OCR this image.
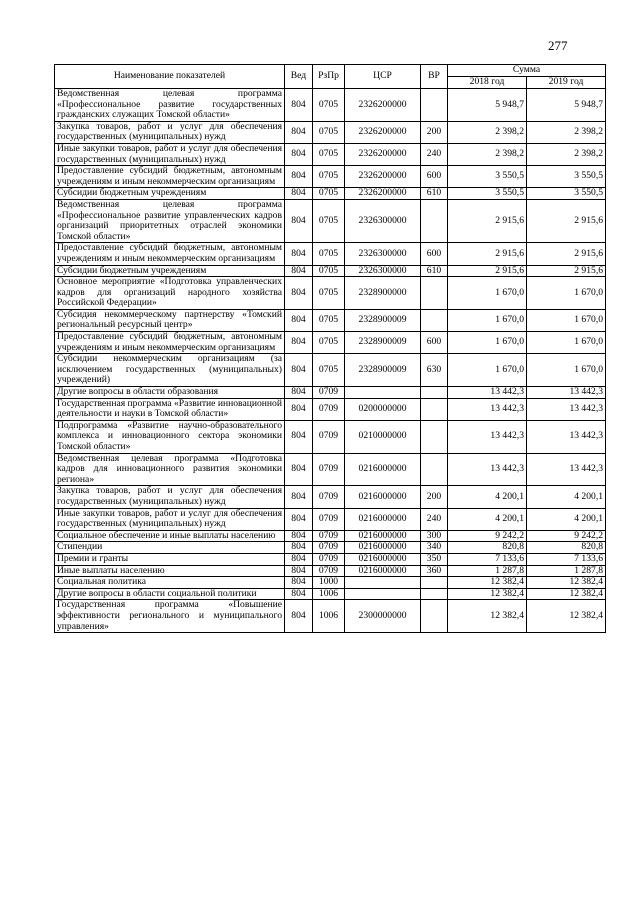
277
Наименование показателей	Вед	РзПр	ЦСР	ВР	Сумма	
					2018 год	2019 год
Ведомственная целевая программа «Профессиональное развитие государственных гражданских служащих Томской области»	804	0705	2326200000		5 948,7	5 948,7
Закупка товаров, работ и услуг для обеспечения государственных (муниципальных) нужд	804	0705	2326200000	200	2 398,2	2 398,2
Иные закупки товаров, работ и услуг для обеспечения государственных (муниципальных) нужд	804	0705	2326200000	240	2 398,2	2 398,2
Предоставление субсидий бюджетным, автономным учреждениям и иным некоммерческим организациям	804	0705	2326200000	600	3 550,5	3 550,5
Субсидии бюджетным учреждениям	804	0705	2326200000	610	3 550,5	3 550,5
Ведомственная целевая программа «Профессиональное развитие управленческих кадров организаций приоритетных отраслей экономики Томской области»	804	0705	2326300000		2 915,6	2 915,6
Предоставление субсидий бюджетным, автономным учреждениям и иным некоммерческим организациям	804	0705	2326300000	600	2 915,6	2 915,6
Субсидии бюджетным учреждениям	804	0705	2326300000	610	2 915,6	2 915,6
Основное мероприятие «Подготовка управленческих кадров для организаций народного хозяйства Российской Федерации»	804	0705	2328900000		1 670,0	1 670,0
Субсидия некоммерческому партнерству «Томский региональный ресурсный центр»	804	0705	2328900009		1 670,0	1 670,0
Предоставление субсидий бюджетным, автономным учреждениям и иным некоммерческим организациям	804	0705	2328900009	600	1 670,0	1 670,0
Субсидии некоммерческим организациям (за исключением государственных (муниципальных) учреждений)	804	0705	2328900009	630	1 670,0	1 670,0
Другие вопросы в области образования	804	0709			13 442,3	13 442,3
Государственная программа «Развитие инновационной деятельности и науки в Томской области»	804	0709	0200000000		13 442,3	13 442,3
Подпрограмма «Развитие научно-образовательного комплекса и инновационного сектора экономики Томской области»	804	0709	0210000000		13 442,3	13 442,3
Ведомственная целевая программа «Подготовка кадров для инновационного развития экономики региона»	804	0709	0216000000		13 442,3	13 442,3
Закупка товаров, работ и услуг для обеспечения государственных (муниципальных) нужд	804	0709	0216000000	200	4 200,1	4 200,1
Иные закупки товаров, работ и услуг для обеспечения государственных (муниципальных) нужд	804	0709	0216000000	240	4 200,1	4 200,1
Социальное обеспечение и иные выплаты населению	804	0709	0216000000	300	9 242,2	9 242,2
Стипендии	804	0709	0216000000	340	820,8	820,8
Премии и гранты	804	0709	0216000000	350	7 133,6	7 133,6
Иные выплаты населению	804	0709	0216000000	360	1 287,8	1 287,8
Социальная политика	804	1000			12 382,4	12 382,4
Другие вопросы в области социальной политики	804	1006			12 382,4	12 382,4
Государственная программа «Повышение эффективности регионального и муниципального управления»	804	1006	2300000000		12 382,4	12 382,4
